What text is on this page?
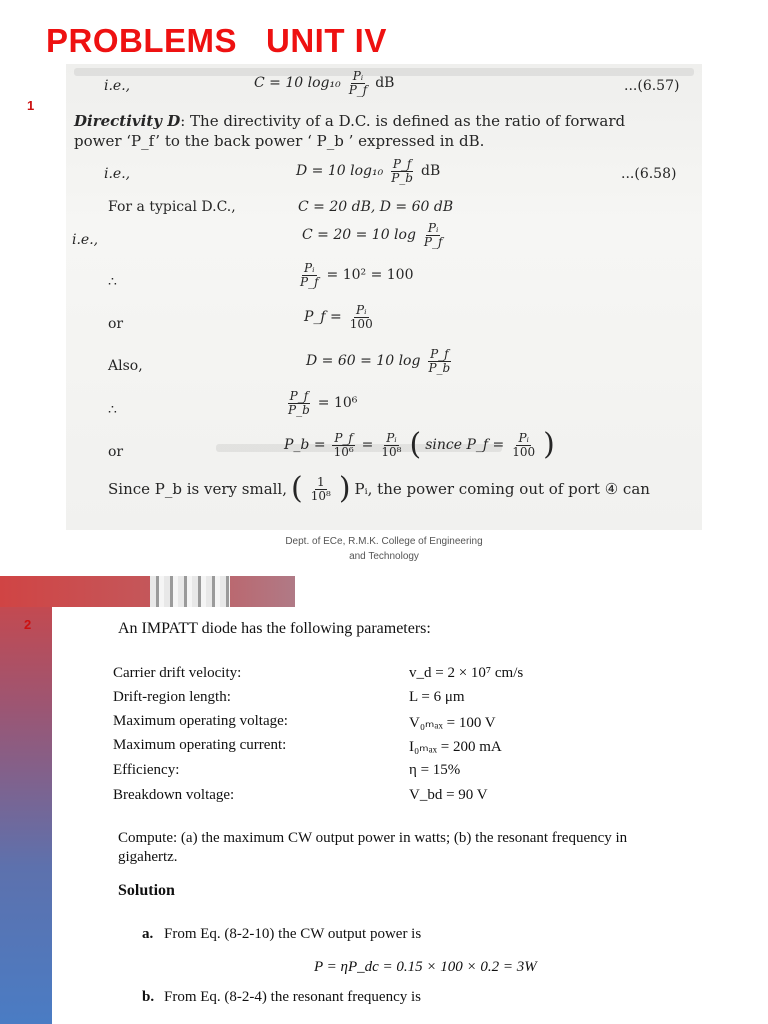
PROBLEMS   UNIT IV
1
i.e.,	C = 10 $\log_{10} \frac{\text{Pᵢ}}{P\_f}$ dB	...(6.57)
Directivity D: The directivity of a D.C. is defined as the ratio of forward
power ‘P_f’ to the back power ‘ P_b ’ expressed in dB.
i.e.,	D = 10 $\log_{10} \frac{P\_f}{P\_b}$ dB	...(6.58)
For a typical D.C.,	C = 20 dB, D = 60 dB
i.e.,	C = 20 = 10 $\log \frac{\text{Pᵢ}}{P\_f}$
∴	$\frac{\text{Pᵢ}}{P\_f} = 10^2 = 100$
or	P_f = $\frac{\text{Pᵢ}}{100}$
Also,	D = 60 = 10 $\log \frac{P\_f}{P\_b}$
∴	$\frac{P\_f}{P\_b} = 10^6$
or	P_b = $\frac{P\_f}{\text{10⁶}} = \frac{\text{Pᵢ}}{\text{10⁸}}$ ( since P_f = $\frac{\text{Pᵢ}}{100}$ )
Since P_b is very small, ( $\frac{1}{\text{10⁸}}$ ) Pᵢ, the power coming out of port ④ can
Dept. of ECe, R.M.K. College of Engineering
and Technology
2	An IMPATT diode has the following parameters:
Carrier drift velocity:	v_d = 2 × 10⁷ cm/s
Drift-region length:	L = 6 μm
Maximum operating voltage:	V₀ₘₐₓ = 100 V
Maximum operating current:	I₀ₘₐₓ = 200 mA
Efficiency:	η = 15%
Breakdown voltage:	V_bd = 90 V
Compute: (a) the maximum CW output power in watts; (b) the resonant frequency in
gigahertz.
Solution
a. From Eq. (8-2-10) the CW output power is
P = ηP_dc = 0.15 × 100 × 0.2 = 3W
b. From Eq. (8-2-4) the resonant frequency is
